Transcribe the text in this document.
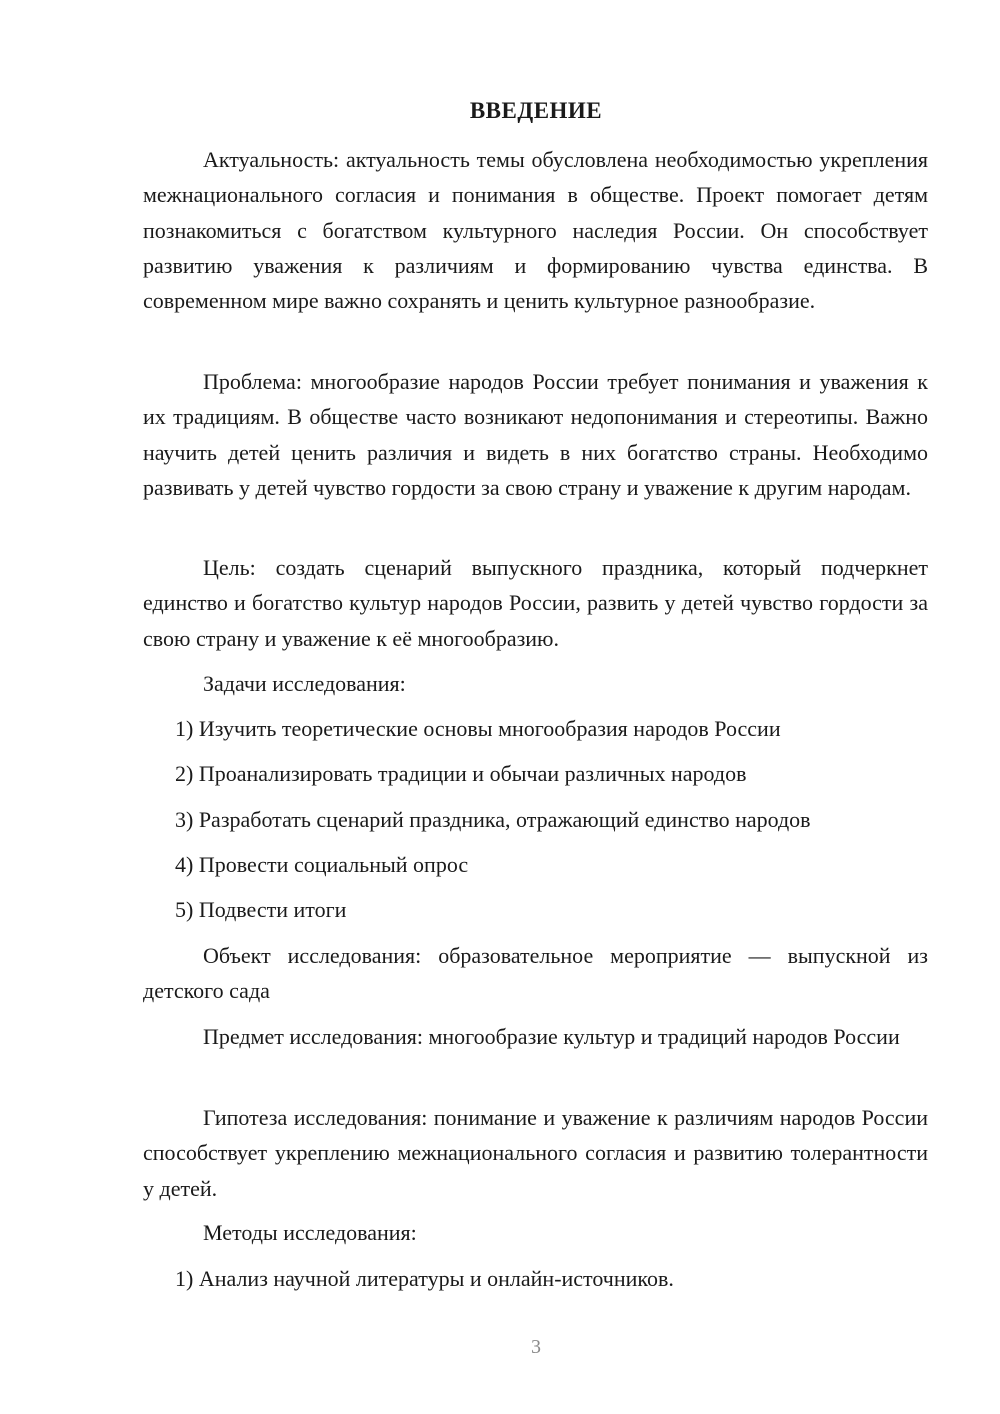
ВВЕДЕНИЕ

Актуальность: актуальность темы обусловлена необходимостью укрепления межнационального согласия и понимания в обществе. Проект помогает детям познакомиться с богатством культурного наследия России. Он способствует развитию уважения к различиям и формированию чувства единства. В современном мире важно сохранять и ценить культурное разнообразие.

Проблема: многообразие народов России требует понимания и уважения к их традициям. В обществе часто возникают недопонимания и стереотипы. Важно научить детей ценить различия и видеть в них богатство страны. Необходимо развивать у детей чувство гордости за свою страну и уважение к другим народам.

Цель: создать сценарий выпускного праздника, который подчеркнет единство и богатство культур народов России, развить у детей чувство гордости за свою страну и уважение к её многообразию.

Задачи исследования:
1) Изучить теоретические основы многообразия народов России
2) Проанализировать традиции и обычаи различных народов
3) Разработать сценарий праздника, отражающий единство народов
4) Провести социальный опрос
5) Подвести итоги

Объект исследования: образовательное мероприятие — выпускной из детского сада

Предмет исследования: многообразие культур и традиций народов России

Гипотеза исследования: понимание и уважение к различиям народов России способствует укреплению межнационального согласия и развитию толерантности у детей.

Методы исследования:
1) Анализ научной литературы и онлайн-источников.
3
